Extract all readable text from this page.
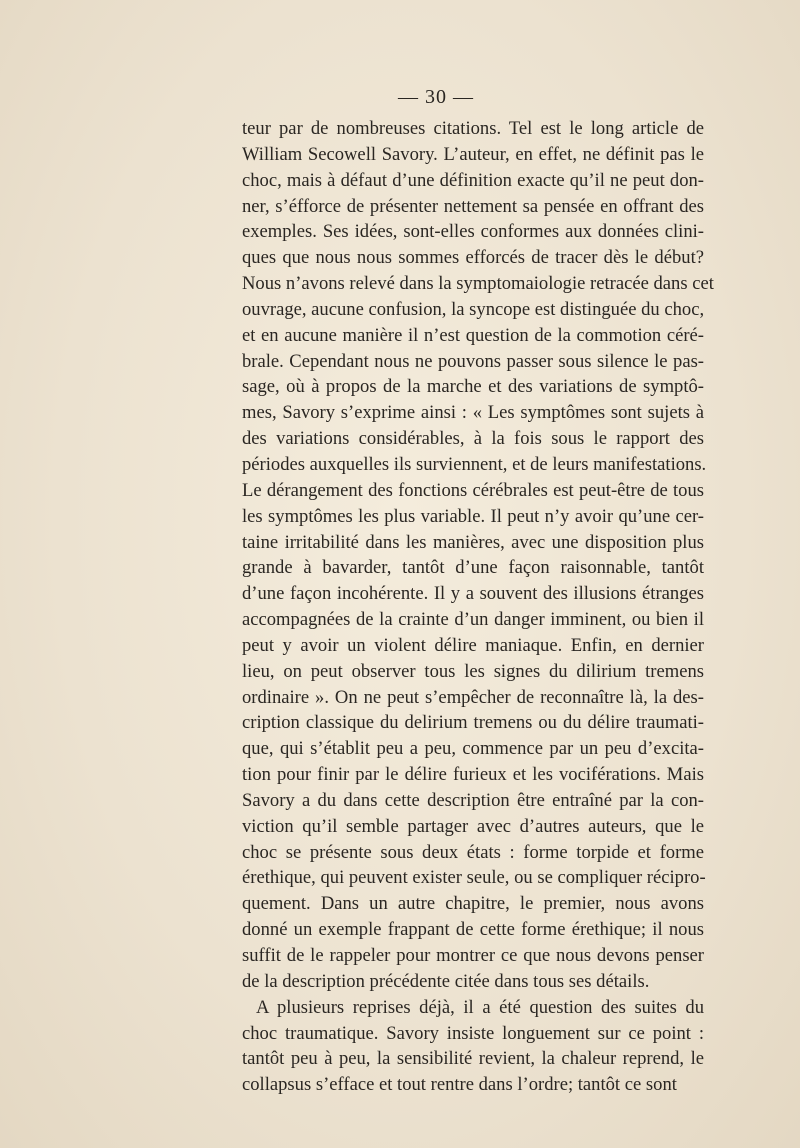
— 30 —
teur par de nombreuses citations. Tel est le long article de
William Secowell Savory. L’auteur, en effet, ne définit pas le
choc, mais à défaut d’une définition exacte qu’il ne peut don-
ner, s’éfforce de présenter nettement sa pensée en offrant des
exemples. Ses idées, sont-elles conformes aux données clini-
ques que nous nous sommes efforcés de tracer dès le début?
Nous n’avons relevé dans la symptomaiologie retracée dans cet
ouvrage, aucune confusion, la syncope est distinguée du choc,
et en aucune manière il n’est question de la commotion céré-
brale. Cependant nous ne pouvons passer sous silence le pas-
sage, où à propos de la marche et des variations de symptô-
mes, Savory s’exprime ainsi : « Les symptômes sont sujets à
des variations considérables, à la fois sous le rapport des
périodes auxquelles ils surviennent, et de leurs manifestations.
Le dérangement des fonctions cérébrales est peut-être de tous
les symptômes les plus variable. Il peut n’y avoir qu’une cer-
taine irritabilité dans les manières, avec une disposition plus
grande à bavarder, tantôt d’une façon raisonnable, tantôt
d’une façon incohérente. Il y a souvent des illusions étranges
accompagnées de la crainte d’un danger imminent, ou bien il
peut y avoir un violent délire maniaque. Enfin, en dernier
lieu, on peut observer tous les signes du dilirium tremens
ordinaire ». On ne peut s’empêcher de reconnaître là, la des-
cription classique du delirium tremens ou du délire traumati-
que, qui s’établit peu a peu, commence par un peu d’excita-
tion pour finir par le délire furieux et les vociférations. Mais
Savory a du dans cette description être entraîné par la con-
viction qu’il semble partager avec d’autres auteurs, que le
choc se présente sous deux états : forme torpide et forme
érethique, qui peuvent exister seule, ou se compliquer récipro-
quement. Dans un autre chapitre, le premier, nous avons
donné un exemple frappant de cette forme érethique; il nous
suffit de le rappeler pour montrer ce que nous devons penser
de la description précédente citée dans tous ses détails.
A plusieurs reprises déjà, il a été question des suites du
choc traumatique. Savory insiste longuement sur ce point :
tantôt peu à peu, la sensibilité revient, la chaleur reprend, le
collapsus s’efface et tout rentre dans l’ordre; tantôt ce sont
